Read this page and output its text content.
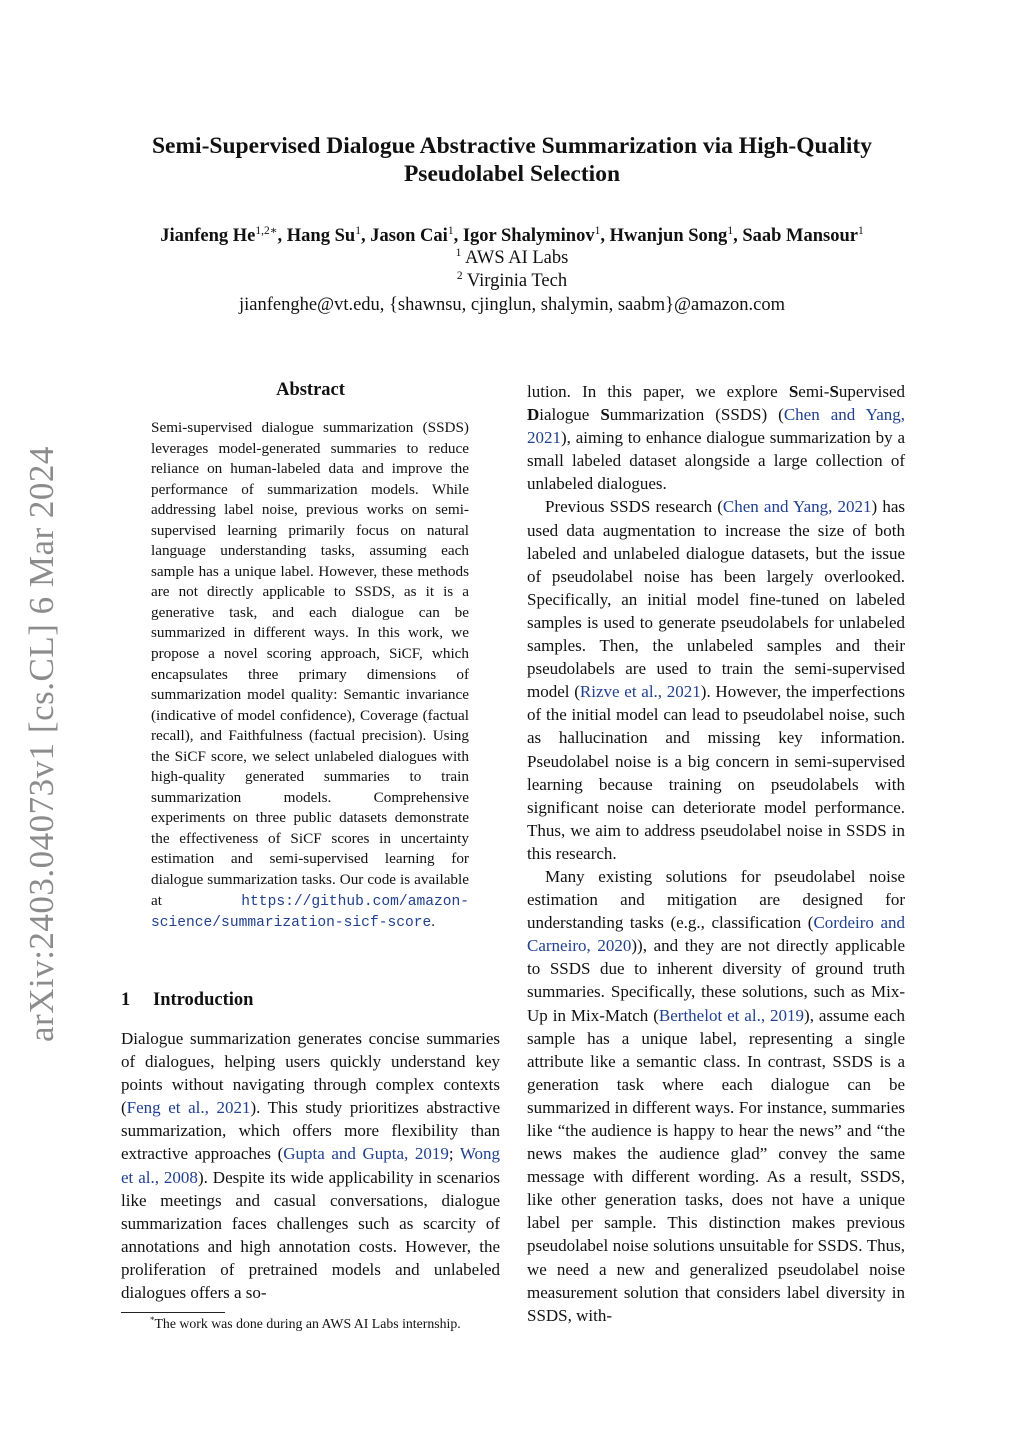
arXiv:2403.04073v1 [cs.CL] 6 Mar 2024
Semi-Supervised Dialogue Abstractive Summarization via High-Quality
Pseudolabel Selection
Jianfeng $He^{1,2∗}$, Hang Su$^1$, Jason Cai$^1$, Igor Shalyminov$^1$, Hwanjun Song$^1$, Saab Mansour$^1$
$^1$ AWS AI Labs
$^2$ Virginia Tech
jianfenghe@vt.edu, {shawnsu, cjinglun, shalymin, saabm}@amazon.com
Abstract
Semi-supervised dialogue summarization (SSDS) leverages model-generated summaries to reduce reliance on human-labeled data and improve the performance of summarization models. While addressing label noise, previous works on semi-supervised learning primarily focus on natural language understanding tasks, assuming each sample has a unique label. However, these methods are not directly applicable to SSDS, as it is a generative task, and each dialogue can be summarized in different ways. In this work, we propose a novel scoring approach, SiCF, which encapsulates three primary dimensions of summarization model quality: Semantic invariance (indicative of model confidence), Coverage (factual recall), and Faithfulness (factual precision). Using the SiCF score, we select unlabeled dialogues with high-quality generated summaries to train summarization models. Comprehensive experiments on three public datasets demonstrate the effectiveness of SiCF scores in uncertainty estimation and semi-supervised learning for dialogue summarization tasks. Our code is available at https://github.com/amazon-science/summarization-sicf-score.
1 Introduction
Dialogue summarization generates concise summaries of dialogues, helping users quickly understand key points without navigating through complex contexts (Feng et al., 2021). This study prioritizes abstractive summarization, which offers more flexibility than extractive approaches (Gupta and Gupta, 2019; Wong et al., 2008). Despite its wide applicability in scenarios like meetings and casual conversations, dialogue summarization faces challenges such as scarcity of annotations and high annotation costs. However, the proliferation of pretrained models and unlabeled dialogues offers a so-
*The work was done during an AWS AI Labs internship.

lution. In this paper, we explore Semi-Supervised Dialogue Summarization (SSDS) (Chen and Yang, 2021), aiming to enhance dialogue summarization by a small labeled dataset alongside a large collection of unlabeled dialogues.

Previous SSDS research (Chen and Yang, 2021) has used data augmentation to increase the size of both labeled and unlabeled dialogue datasets, but the issue of pseudolabel noise has been largely overlooked. Specifically, an initial model fine-tuned on labeled samples is used to generate pseudolabels for unlabeled samples. Then, the unlabeled samples and their pseudolabels are used to train the semi-supervised model (Rizve et al., 2021). However, the imperfections of the initial model can lead to pseudolabel noise, such as hallucination and missing key information. Pseudolabel noise is a big concern in semi-supervised learning because training on pseudolabels with significant noise can deteriorate model performance. Thus, we aim to address pseudolabel noise in SSDS in this research.

Many existing solutions for pseudolabel noise estimation and mitigation are designed for understanding tasks (e.g., classification (Cordeiro and Carneiro, 2020)), and they are not directly applicable to SSDS due to inherent diversity of ground truth summaries. Specifically, these solutions, such as Mix-Up in Mix-Match (Berthelot et al., 2019), assume each sample has a unique label, representing a single attribute like a semantic class. In contrast, SSDS is a generation task where each dialogue can be summarized in different ways. For instance, summaries like “the audience is happy to hear the news” and “the news makes the audience glad” convey the same message with different wording. As a result, SSDS, like other generation tasks, does not have a unique label per sample. This distinction makes previous pseudolabel noise solutions unsuitable for SSDS. Thus, we need a new and generalized pseudolabel noise measurement solution that considers label diversity in SSDS, with-
